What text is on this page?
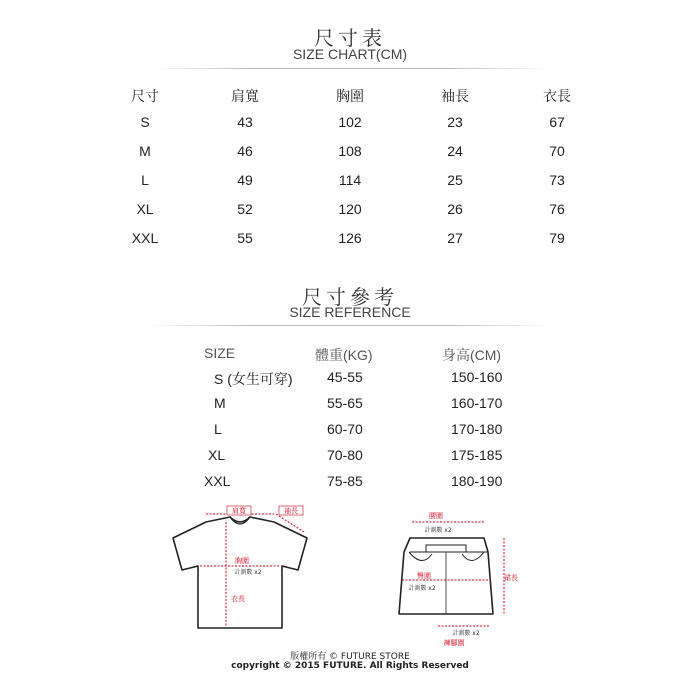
尺寸表
SIZE CHART(CM)
尺寸	肩寬	胸圍	袖長	衣長
S	43	102	23	67
M	46	108	24	70
L	49	114	25	73
XL	52	120	26	76
XXL	55	126	27	79
尺寸參考
SIZE REFERENCE
SIZE	體重(KG)	身高(CM)
S (女生可穿) 45-55	150-160
M	55-65	160-170
L	60-70	170-180
XL	70-80	175-185
XXL	75-85	180-190
肩寬	袖長
胸圍
計測數 x2
衣長
腰圍
計測數 x2
臀圍
計測數 x2
裙長
計測數 x2
褲腳圍
版權所有 © FUTURE STORE
copyright © 2015 FUTURE. All Rights Reserved
